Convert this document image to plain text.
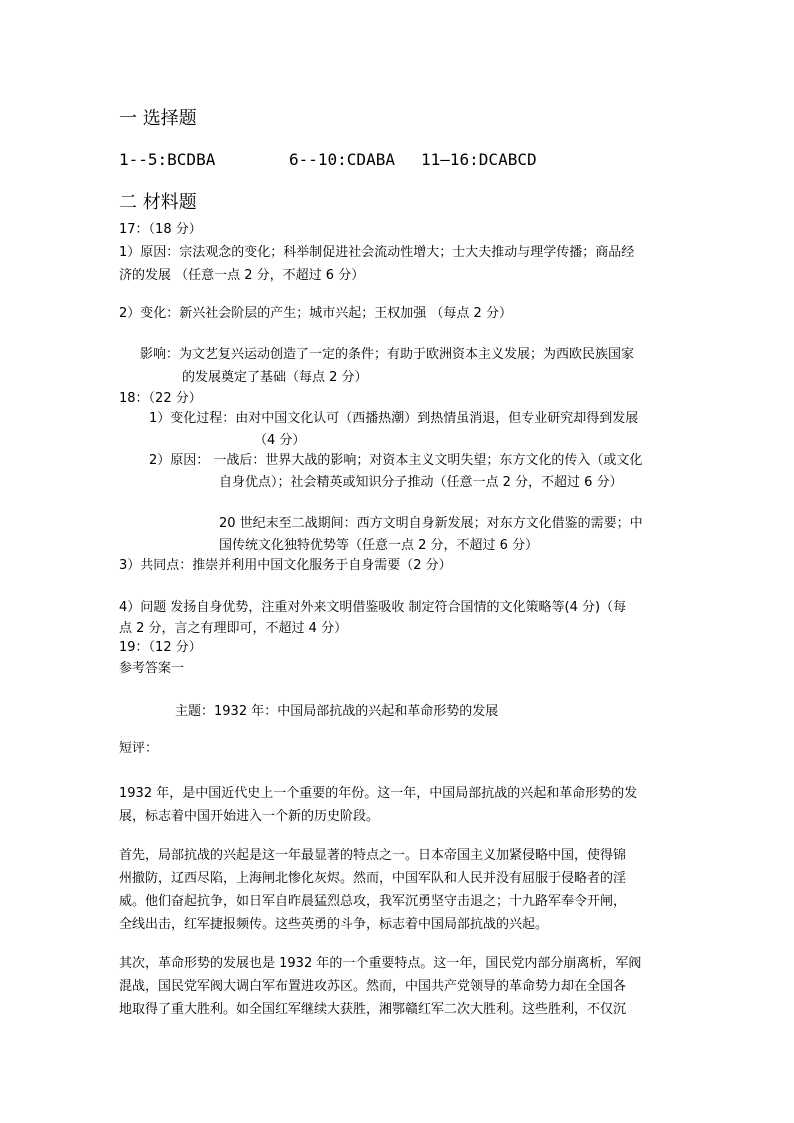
一 选择题
1--5:BCDBA	6--10:CDABA 11—16:DCABCD
二 材料题
17：（18 分）
1）原因：宗法观念的变化；科举制促进社会流动性增大；士大夫推动与理学传播；商品经
济的发展 （任意一点 2 分，不超过 6 分）
2）变化：新兴社会阶层的产生；城市兴起；王权加强 （每点 2 分）
影响：为文艺复兴运动创造了一定的条件；有助于欧洲资本主义发展；为西欧民族国家
的发展奠定了基础（每点 2 分）
18：（22 分）
1）变化过程：由对中国文化认可（西播热潮）到热情虽消退，但专业研究却得到发展
（4 分）
2）原因： 一战后：世界大战的影响；对资本主义文明失望；东方文化的传入（或文化
自身优点）；社会精英或知识分子推动（任意一点 2 分，不超过 6 分）
20 世纪末至二战期间：西方文明自身新发展；对东方文化借鉴的需要；中
国传统文化独特优势等（任意一点 2 分，不超过 6 分）
3）共同点：推崇并利用中国文化服务于自身需要（2 分）
4）问题 发扬自身优势，注重对外来文明借鉴吸收 制定符合国情的文化策略等(4 分)（每
点 2 分，言之有理即可，不超过 4 分）
19：（12 分）
参考答案一
主题：1932 年：中国局部抗战的兴起和革命形势的发展
短评：
1932 年，是中国近代史上一个重要的年份。这一年，中国局部抗战的兴起和革命形势的发
展，标志着中国开始进入一个新的历史阶段。
首先，局部抗战的兴起是这一年最显著的特点之一。日本帝国主义加紧侵略中国，使得锦
州撤防，辽西尽陷，上海闸北惨化灰烬。然而，中国军队和人民并没有屈服于侵略者的淫
威。他们奋起抗争，如日军自昨晨猛烈总攻，我军沉勇坚守击退之；十九路军奉令开闸，
全线出击，红军捷报频传。这些英勇的斗争，标志着中国局部抗战的兴起。
其次，革命形势的发展也是 1932 年的一个重要特点。这一年，国民党内部分崩离析，军阀
混战，国民党军阀大调白军布置进攻苏区。然而，中国共产党领导的革命势力却在全国各
地取得了重大胜利。如全国红军继续大获胜，湘鄂赣红军二次大胜利。这些胜利，不仅沉
